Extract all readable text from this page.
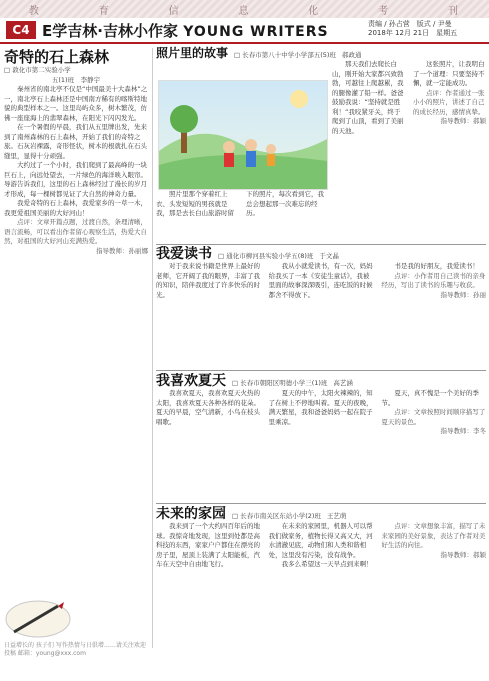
教	育	信	息	化	考	刊
C4 E学吉林·吉林小作家 YOUNG WRITERS	责编 / 孙占营　版式 / 尹曼
2018年 12月 21日　星期五
奇特的石上森林
□ 敦化市第二实验小学
五(1)班　李静宇

秦州省的南北亭不仅是“中国最美十大森林”之一，南北亭石上森林还是中国南方稀有的喀斯特地貌的典型样本之一。这里岛屿众多，树木繁茂，仿佛一座座海上的翡翠森林，在阳光下闪闪发光。

在一个暑假的早晨，我们从五里牌出发，先来到了南州森林的石上森林，开始了我们的奇特之旅。石灰岩裸露，奇形怪状，树木的根就扎在石头缝里，显得十分顽强。

大约过了一个小时，我们爬到了最高峰的一块巨石上，向远处望去，一片绿色的海洋映入眼帘。导游告诉我们，这里的石上森林经过了漫长的岁月才形成，每一棵树都见证了大自然的神奇力量。

我爱奇特的石上森林，我爱家乡的一草一木，我更爱祖国美丽的大好河山！

点评：文章开篇点题，过渡自然，条理清晰，语言流畅，可以看出作者留心观察生活，热爱大自然，对祖国的大好河山充满热爱。

指导教师：孙丽娜
日益增长的 孩子们 写作热情与日俱增……请关注欢迎投稿 邮箱：young@xxx.com
照片里的故事 □ 长春市第八十中学小学部五(5)班 郝政通

照片里那个穿着红上衣、头发短短的男孩就是我，那是去长白山旅游时留下的照片，每次看到它，我总会想起那一次难忘的经历。

那天我们去爬长白山，刚开始大家都兴致勃勃，可越往上爬越累，我的腿像灌了铅一样。爸爸鼓励我说：“坚持就是胜利！”我咬紧牙关，终于爬到了山顶，看到了美丽的天池。

这张照片，让我明白了一个道理：只要坚持不懈，就一定能成功。

点评：作者通过一张小小的照片，讲述了自己的成长经历，感情真挚。

指导教师：郝颖
我爱读书 □ 通化市柳河县实验小学五(8)班 于文晶

对于我来说书籍是世界上最好的老师，它开阔了我的眼界，丰富了我的知识，陪伴我度过了许多快乐的时光。

我从小就爱读书，有一次，妈妈给我买了一本《安徒生童话》，我被里面的故事深深吸引，连吃饭的时候都舍不得放下。

书是我的好朋友，我爱读书！

点评：小作者用自己读书的亲身经历，写出了读书的乐趣与收获。

指导教师：孙丽
我喜欢夏天 □ 长春市朝阳区明德小学三(1)班 高艺涵

我喜欢夏天，我喜欢夏天火热的太阳，我喜欢夏天各种各样的花朵。夏天的早晨，空气清新，小鸟在枝头唱歌。

夏天的中午，太阳火辣辣的，知了在树上不停地叫着。夏天的夜晚，满天繁星，我和爸爸妈妈一起在院子里乘凉。

夏天，真不愧是一个美好的季节。

点评：文章按照时间顺序描写了夏天的景色。

指导教师：李冬
未来的家园 □ 长春市南关区东站小学(2)班 王艺萌

我来到了一个大约四百年后的地球。我惊奇地发现，这里到处都是高科技的东西，家家户户都住在漂亮的房子里，屋顶上装满了太阳能板，汽车在天空中自由地飞行。

在未来的家园里，机器人可以帮我们做家务，植物长得又高又大，河水清澈见底，动物们和人类和谐相处，这里没有污染，没有战争。

我多么希望这一天早点到来啊！

点评：文章想象丰富，描写了未来家园的美好景象，表达了作者对美好生活的向往。

指导教师：郝颖
